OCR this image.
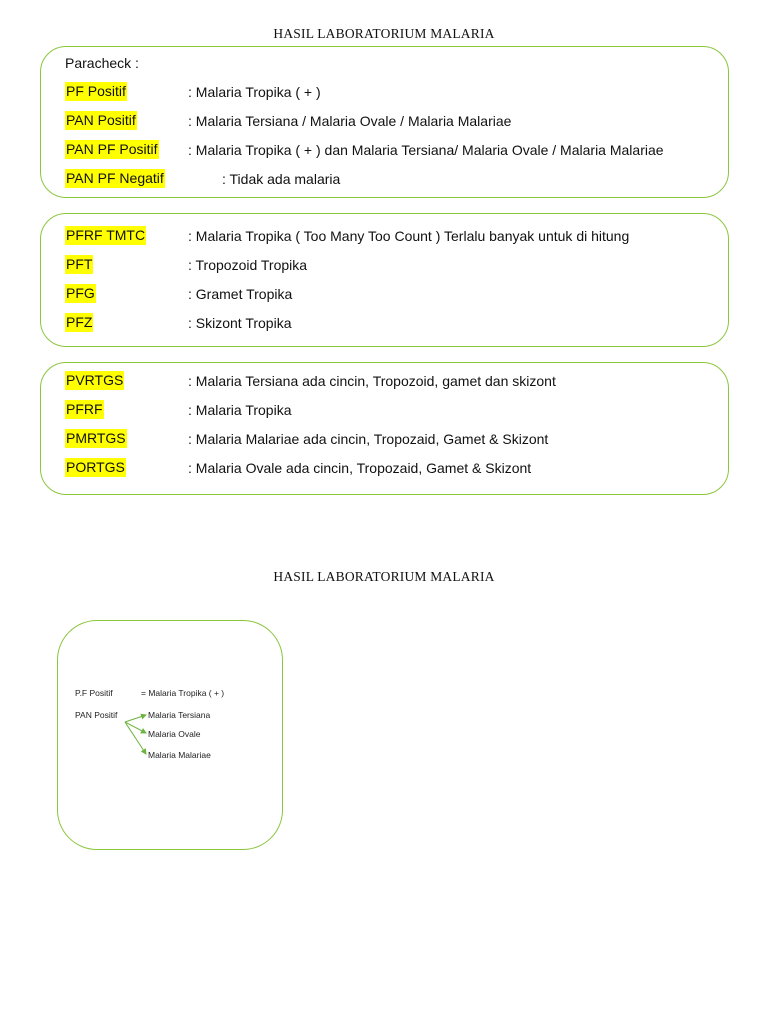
HASIL LABORATORIUM MALARIA
Paracheck :
PF Positif	: Malaria Tropika ( + )
PAN Positif	: Malaria Tersiana / Malaria Ovale / Malaria Malariae
PAN PF Positif : Malaria Tropika ( + ) dan Malaria Tersiana/ Malaria Ovale / Malaria Malariae
PAN PF Negatif	: Tidak ada malaria
PFRF TMTC	: Malaria Tropika ( Too Many Too Count ) Terlalu banyak untuk di hitung
PFT	: Tropozoid Tropika
PFG	: Gramet Tropika
PFZ	: Skizont Tropika
PVRTGS	: Malaria Tersiana ada cincin, Tropozoid, gamet dan skizont
PFRF	: Malaria Tropika
PMRTGS	: Malaria Malariae ada cincin, Tropozaid, Gamet & Skizont
PORTGS	: Malaria Ovale ada cincin, Tropozaid, Gamet & Skizont
HASIL LABORATORIUM MALARIA
P.F Positif	= Malaria Tropika ( + )
PAN Positif	Malaria Tersiana
Malaria Ovale
Malaria Malariae
